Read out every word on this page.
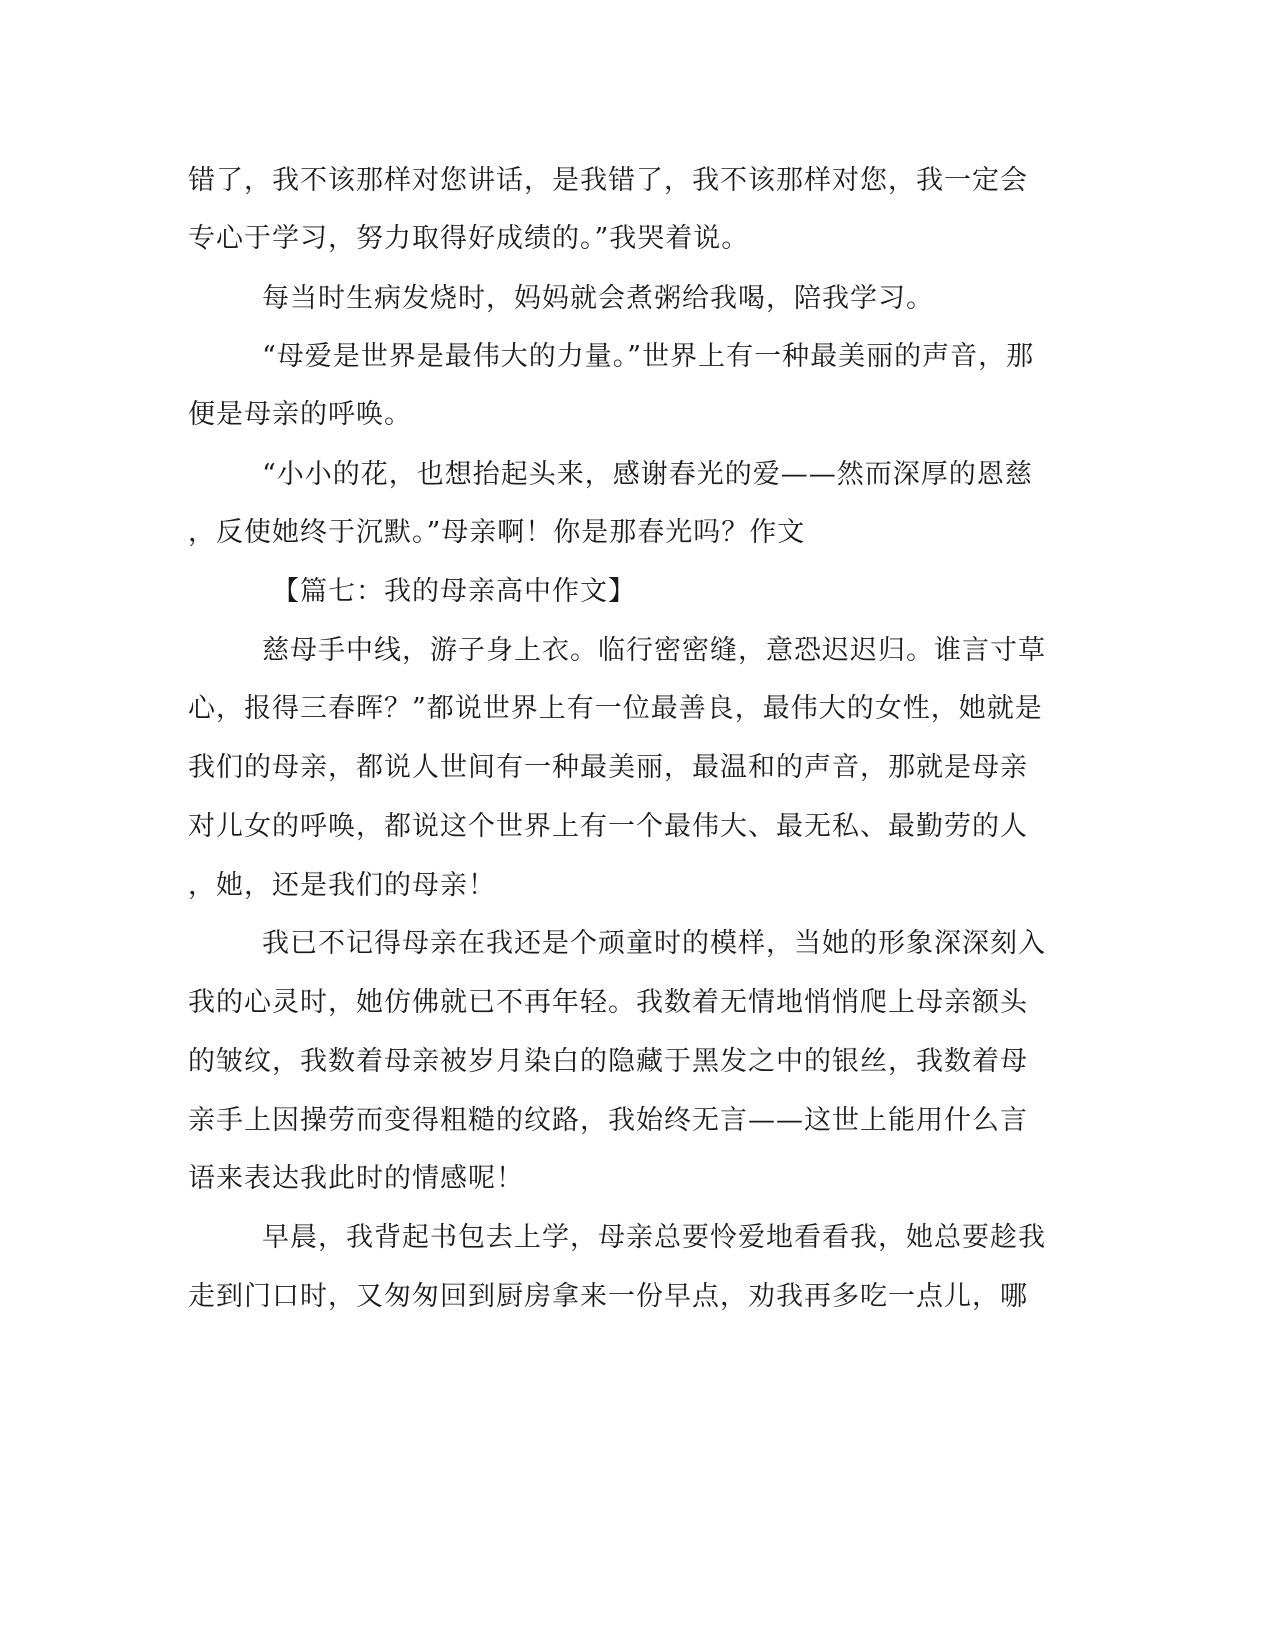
错了，我不该那样对您讲话，是我错了，我不该那样对您，我一定会
专心于学习，努力取得好成绩的。”我哭着说。
每当时生病发烧时，妈妈就会煮粥给我喝，陪我学习。
“母爱是世界是最伟大的力量。”世界上有一种最美丽的声音，那
便是母亲的呼唤。
“小小的花，也想抬起头来，感谢春光的爱——然而深厚的恩慈
，反使她终于沉默。”母亲啊！你是那春光吗？作文
【篇七：我的母亲高中作文】
慈母手中线，游子身上衣。临行密密缝，意恐迟迟归。谁言寸草
心，报得三春晖？”都说世界上有一位最善良，最伟大的女性，她就是
我们的母亲，都说人世间有一种最美丽，最温和的声音，那就是母亲
对儿女的呼唤，都说这个世界上有一个最伟大、最无私、最勤劳的人
，她，还是我们的母亲！
我已不记得母亲在我还是个顽童时的模样，当她的形象深深刻入
我的心灵时，她仿佛就已不再年轻。我数着无情地悄悄爬上母亲额头
的皱纹，我数着母亲被岁月染白的隐藏于黑发之中的银丝，我数着母
亲手上因操劳而变得粗糙的纹路，我始终无言——这世上能用什么言
语来表达我此时的情感呢！
早晨，我背起书包去上学，母亲总要怜爱地看看我，她总要趁我
走到门口时，又匆匆回到厨房拿来一份早点，劝我再多吃一点儿，哪
